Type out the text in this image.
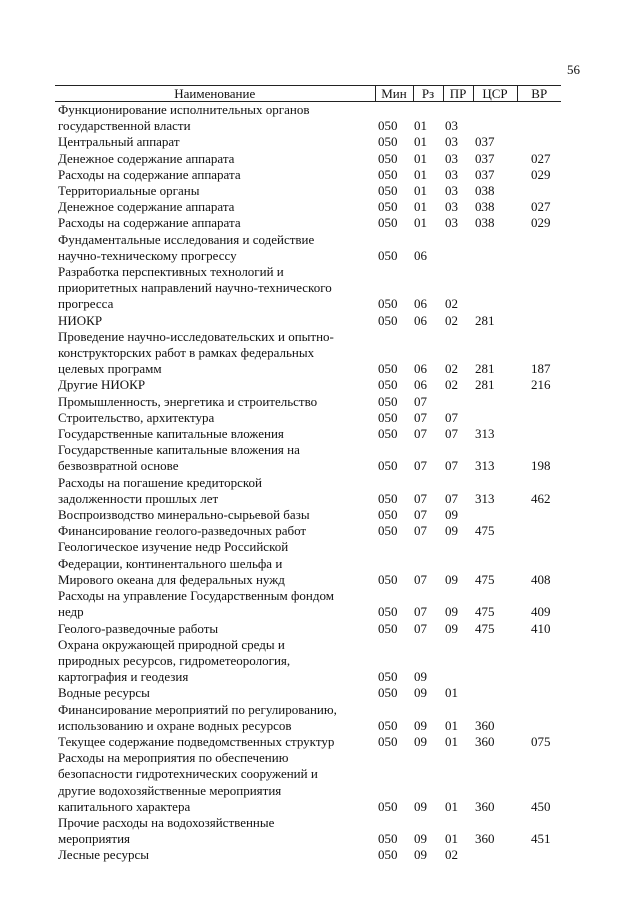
56
Наименование	Мин	Рз	ПР	ЦСР	ВР

Функционирование исполнительных органов
государственной власти	050	01	03		

Центральный аппарат	050	01	03	037	

Денежное содержание аппарата	050	01	03	037	027

Расходы на содержание аппарата	050	01	03	037	029

Территориальные органы	050	01	03	038	

Денежное содержание аппарата	050	01	03	038	027

Расходы на содержание аппарата	050	01	03	038	029

Фундаментальные исследования и содействие
научно-техническому прогрессу	050	06			

Разработка перспективных технологий и
приоритетных направлений научно-технического
прогресса	050	06	02		

НИОКР	050	06	02	281	

Проведение научно-исследовательских и опытно-
конструкторских работ в рамках федеральных
целевых программ	050	06	02	281	187

Другие НИОКР	050	06	02	281	216

Промышленность, энергетика и строительство	050	07			

Строительство, архитектура	050	07	07		

Государственные капитальные вложения	050	07	07	313	

Государственные капитальные вложения на
безвозвратной основе	050	07	07	313	198

Расходы на погашение кредиторской
задолженности прошлых лет	050	07	07	313	462

Воспроизводство минерально-сырьевой базы	050	07	09		

Финансирование геолого-разведочных работ	050	07	09	475	

Геологическое изучение недр Российской
Федерации, континентального шельфа и
Мирового океана для федеральных нужд	050	07	09	475	408

Расходы на управление Государственным фондом
недр	050	07	09	475	409

Геолого-разведочные работы	050	07	09	475	410

Охрана окружающей природной среды и
природных ресурсов, гидрометеорология,
картография и геодезия	050	09			

Водные ресурсы	050	09	01		

Финансирование мероприятий по регулированию,
использованию и охране водных ресурсов	050	09	01	360	

Текущее содержание подведомственных структур	050	09	01	360	075

Расходы на мероприятия по обеспечению
безопасности гидротехнических сооружений и
другие водохозяйственные мероприятия
капитального характера	050	09	01	360	450

Прочие расходы на водохозяйственные
мероприятия	050	09	01	360	451

Лесные ресурсы	050	09	02		
